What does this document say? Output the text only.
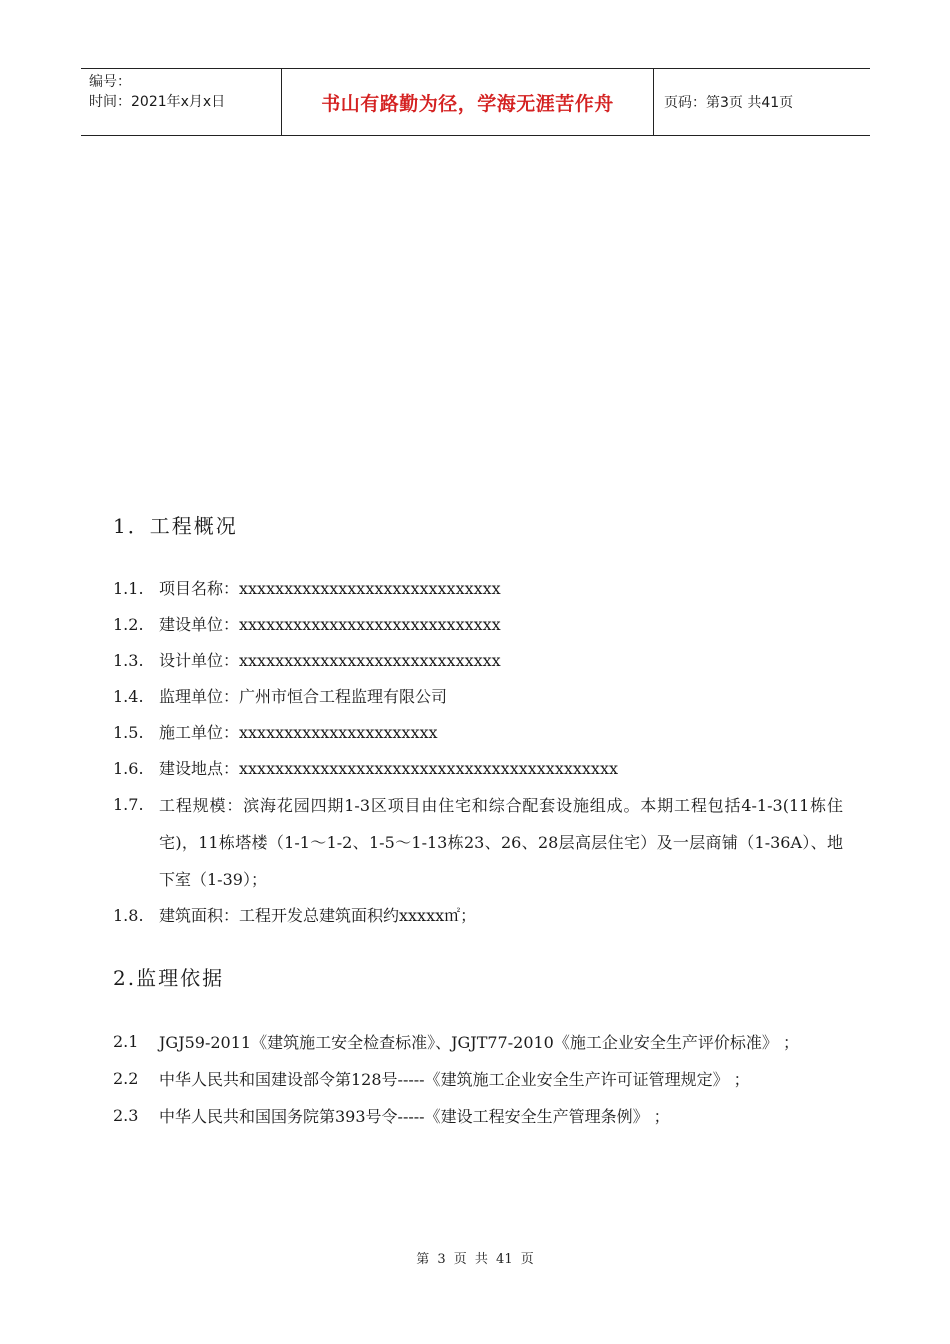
编号：
时间：2021年x月x日	书山有路勤为径，学海无涯苦作舟	页码：第3页 共41页
1．工程概况
1.1. 项目名称：xxxxxxxxxxxxxxxxxxxxxxxxxxxxx
1.2. 建设单位：xxxxxxxxxxxxxxxxxxxxxxxxxxxxx
1.3. 设计单位：xxxxxxxxxxxxxxxxxxxxxxxxxxxxx
1.4. 监理单位：广州市恒合工程监理有限公司
1.5. 施工单位：xxxxxxxxxxxxxxxxxxxxxx
1.6. 建设地点：xxxxxxxxxxxxxxxxxxxxxxxxxxxxxxxxxxxxxxxxxx
1.7. 工程规模：滨海花园四期1-3区项目由住宅和综合配套设施组成。本期工程包括4-1-3(11栋住宅)，11栋塔楼（1-1～1-2、1-5～1-13栋23、26、28层高层住宅）及一层商铺（1-36A）、地下室（1-39）；
1.8. 建筑面积：工程开发总建筑面积约xxxxx㎡；
2.监理依据
2.1	JGJ59-2011《建筑施工安全检查标准》、JGJT77-2010《施工企业安全生产评价标准》 ；
2.2	中华人民共和国建设部令第128号-----《建筑施工企业安全生产许可证管理规定》 ；
2.3	中华人民共和国国务院第393号令-----《建设工程安全生产管理条例》 ；
第 3 页 共 41 页
